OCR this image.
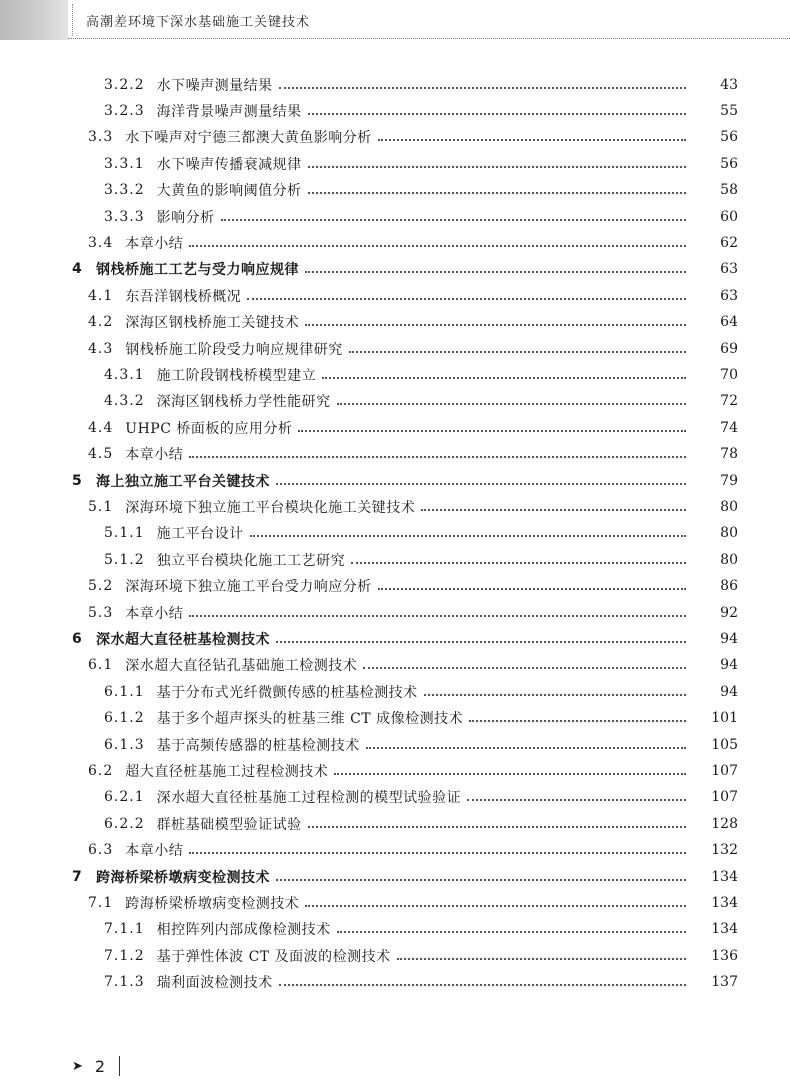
高潮差环境下深水基础施工关键技术
3.2.2 水下噪声测量结果	43
3.2.3 海洋背景噪声测量结果	55
3.3 水下噪声对宁德三都澳大黄鱼影响分析	56
3.3.1 水下噪声传播衰减规律	56
3.3.2 大黄鱼的影响阈值分析	58
3.3.3 影响分析	60
3.4 本章小结	62
4 钢栈桥施工工艺与受力响应规律	63
4.1 东吾洋钢栈桥概况	63
4.2 深海区钢栈桥施工关键技术	64
4.3 钢栈桥施工阶段受力响应规律研究	69
4.3.1 施工阶段钢栈桥模型建立	70
4.3.2 深海区钢栈桥力学性能研究	72
4.4 UHPC 桥面板的应用分析	74
4.5 本章小结	78
5 海上独立施工平台关键技术	79
5.1 深海环境下独立施工平台模块化施工关键技术	80
5.1.1 施工平台设计	80
5.1.2 独立平台模块化施工工艺研究	80
5.2 深海环境下独立施工平台受力响应分析	86
5.3 本章小结	92
6 深水超大直径桩基检测技术	94
6.1 深水超大直径钻孔基础施工检测技术	94
6.1.1 基于分布式光纤微颤传感的桩基检测技术	94
6.1.2 基于多个超声探头的桩基三维 CT 成像检测技术	101
6.1.3 基于高频传感器的桩基检测技术	105
6.2 超大直径桩基施工过程检测技术	107
6.2.1 深水超大直径桩基施工过程检测的模型试验验证	107
6.2.2 群桩基础模型验证试验	128
6.3 本章小结	132
7 跨海桥梁桥墩病变检测技术	134
7.1 跨海桥梁桥墩病变检测技术	134
7.1.1 相控阵列内部成像检测技术	134
7.1.2 基于弹性体波 CT 及面波的检测技术	136
7.1.3 瑞利面波检测技术	137
➤ 2
